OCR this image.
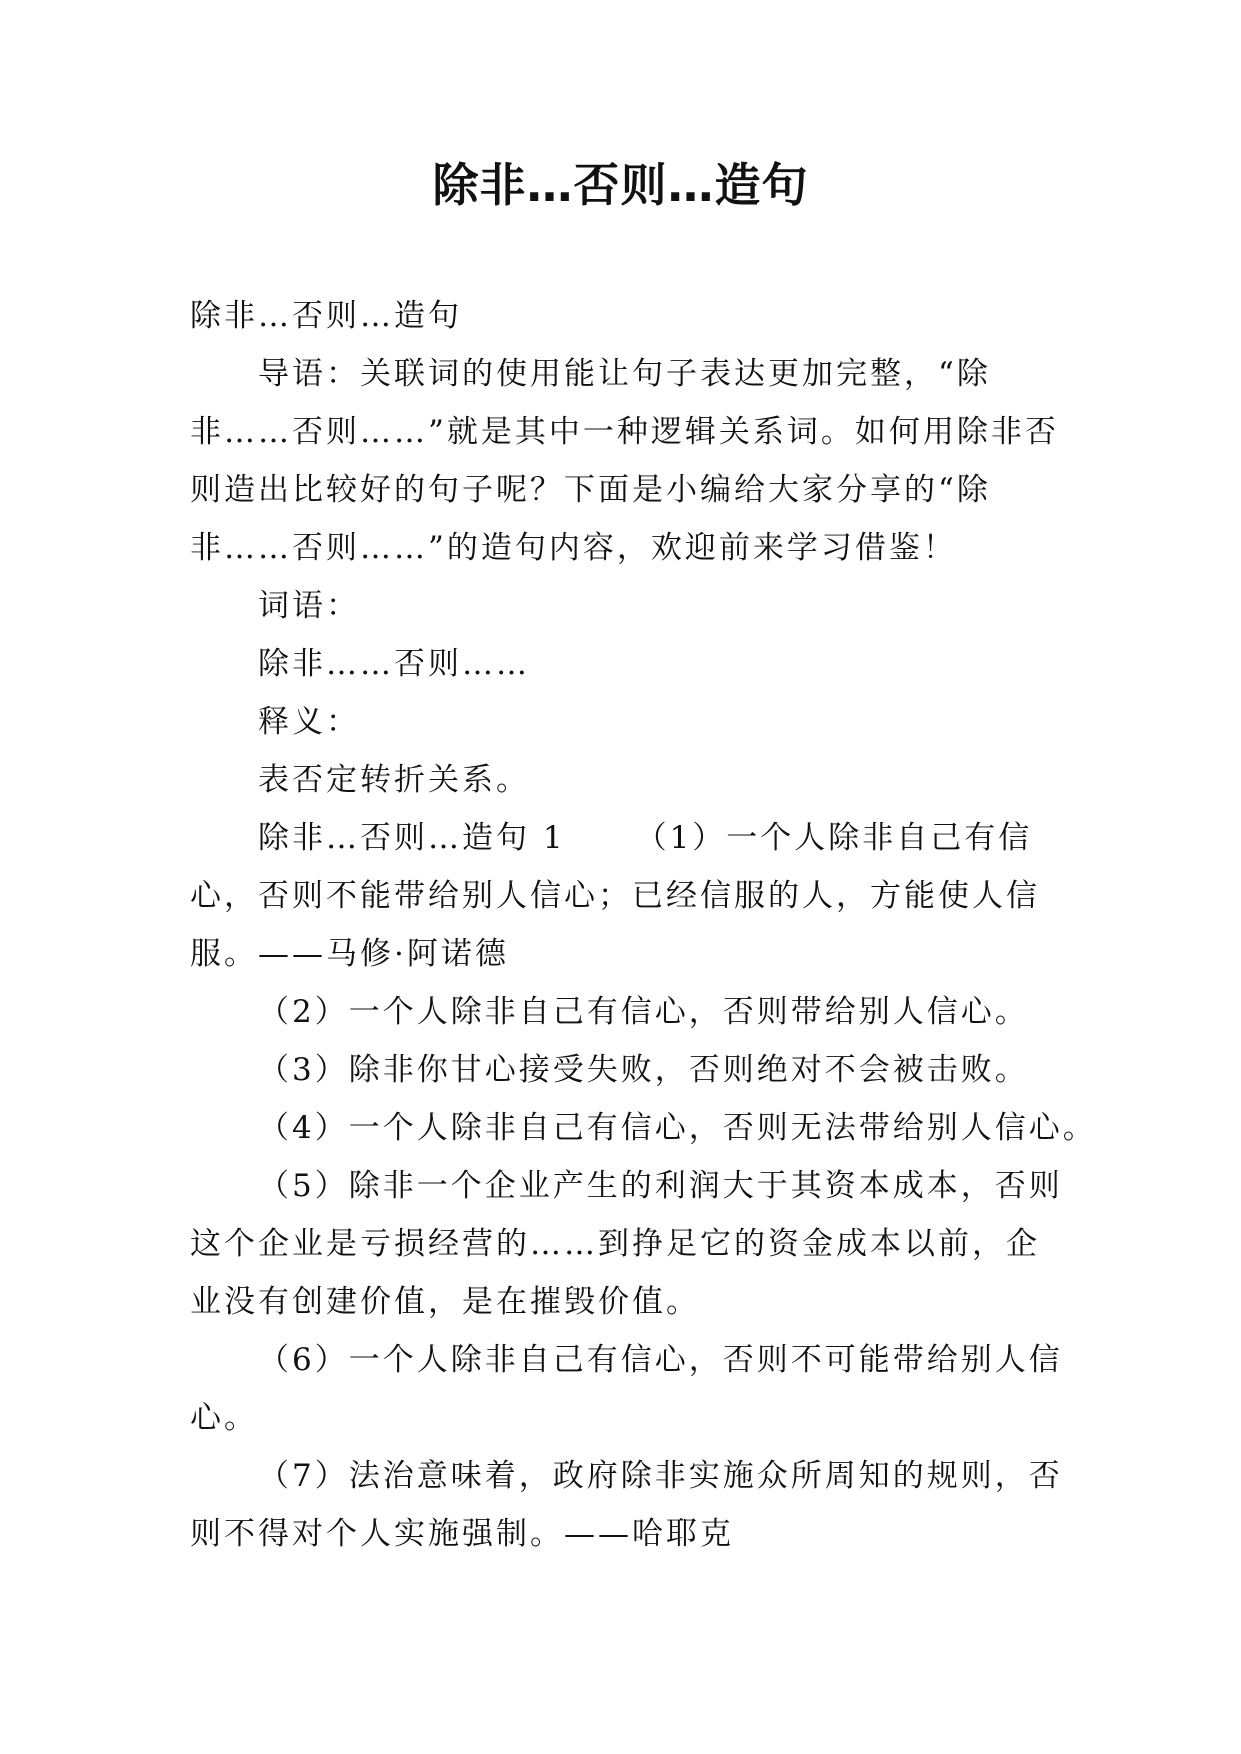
除非…否则…造句

除非…否则…造句

导语：关联词的使用能让句子表达更加完整，“除非……否则……”就是其中一种逻辑关系词。如何用除非否则造出比较好的句子呢？下面是小编给大家分享的“除非……否则……”的造句内容，欢迎前来学习借鉴！

词语：

除非……否则……

释义：

表否定转折关系。

除非…否则…造句 1 （1）一个人除非自己有信心，否则不能带给别人信心；已经信服的人，方能使人信服。——马修·阿诺德

（2）一个人除非自己有信心，否则带给别人信心。

（3）除非你甘心接受失败，否则绝对不会被击败。

（4）一个人除非自己有信心，否则无法带给别人信心。

（5）除非一个企业产生的利润大于其资本成本，否则这个企业是亏损经营的……到挣足它的资金成本以前，企业没有创建价值，是在摧毁价值。

（6）一个人除非自己有信心，否则不可能带给别人信心。

（7）法治意味着，政府除非实施众所周知的规则，否则不得对个人实施强制。——哈耶克
